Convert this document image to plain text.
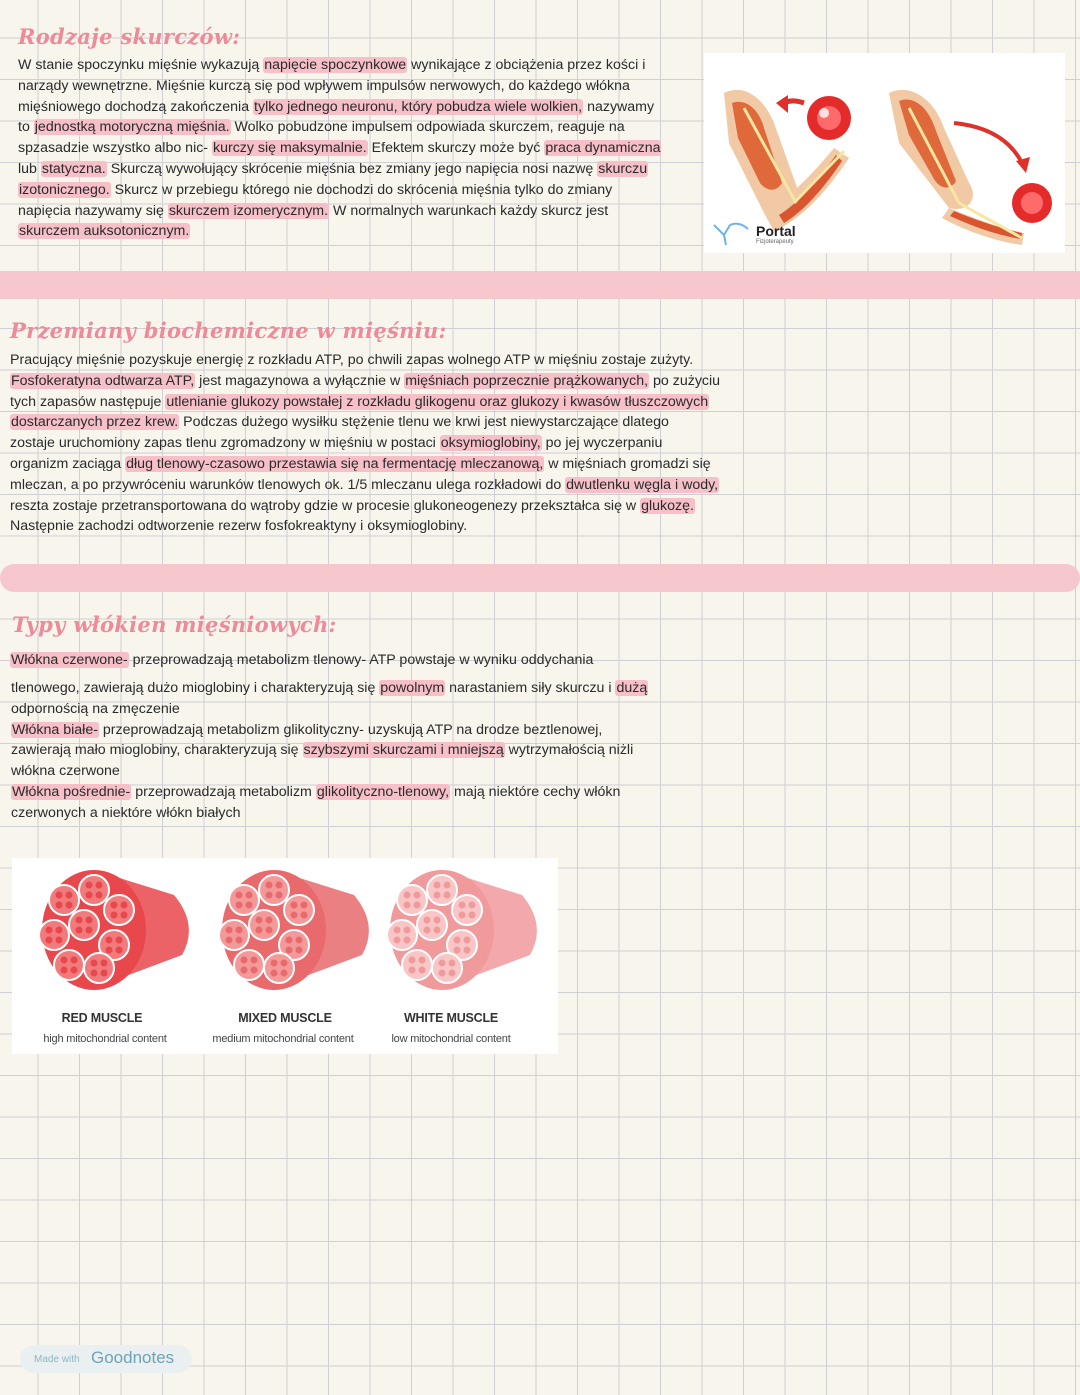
Rodzaje skurczów:
W stanie spoczynku mięśnie wykazują napięcie spoczynkowe wynikające z obciążenia przez kości i
narządy wewnętrzne. Mięśnie kurczą się pod wpływem impulsów nerwowych, do każdego włókna
mięśniowego dochodzą zakończenia tylko jednego neuronu, który pobudza wiele wolkien, nazywamy
to jednostką motoryczną mięśnia. Wolko pobudzone impulsem odpowiada skurczem, reaguje na
spzasadzie wszystko albo nic- kurczy się maksymalnie. Efektem skurczy może być praca dynamiczna
lub statyczna. Skurczą wywołujący skrócenie mięśnia bez zmiany jego napięcia nosi nazwę skurczu
izotonicznego. Skurcz w przebiegu którego nie dochodzi do skrócenia mięśnia tylko do zmiany
napięcia nazywamy się skurczem izomerycznym. W normalnych warunkach każdy skurcz jest
skurczem auksotonicznym.	Portal
Fizjoterapeuty
Przemiany biochemiczne w mięśniu:
Pracujący mięśnie pozyskuje energię z rozkładu ATP, po chwili zapas wolnego ATP w mięśniu zostaje zużyty.
Fosfokeratyna odtwarza ATP, jest magazynowa a wyłącznie w mięśniach poprzecznie prążkowanych, po zużyciu
tych zapasów następuje utlenianie glukozy powstałej z rozkładu glikogenu oraz glukozy i kwasów tłuszczowych
dostarczanych przez krew. Podczas dużego wysiłku stężenie tlenu we krwi jest niewystarczające dlatego
zostaje uruchomiony zapas tlenu zgromadzony w mięśniu w postaci oksymioglobiny, po jej wyczerpaniu
organizm zaciąga dług tlenowy-czasowo przestawia się na fermentację mleczanową, w mięśniach gromadzi się
mleczan, a po przywróceniu warunków tlenowych ok. 1/5 mleczanu ulega rozkładowi do dwutlenku węgla i wody,
reszta zostaje przetransportowana do wątroby gdzie w procesie glukoneogenezy przekształca się w glukozę.
Następnie zachodzi odtworzenie rezerw fosfokreaktyny i oksymioglobiny.
Typy włókien mięśniowych:
Włókna czerwone- przeprowadzają metabolizm tlenowy- ATP powstaje w wyniku oddychania
tlenowego, zawierają dużo mioglobiny i charakteryzują się powolnym narastaniem siły skurczu i dużą
odpornością na zmęczenie
Włókna białe- przeprowadzają metabolizm glikolityczny- uzyskują ATP na drodze beztlenowej,
zawierają mało mioglobiny, charakteryzują się szybszymi skurczami i mniejszą wytrzymałością niżli
włókna czerwone
Włókna pośrednie- przeprowadzają metabolizm glikolityczno-tlenowy, mają niektóre cechy włókn
czerwonych a niektóre włókn białych
RED MUSCLE
high mitochondrial content
MIXED MUSCLE
medium mitochondrial content
WHITE MUSCLE
low mitochondrial content
Made with Goodnotes
